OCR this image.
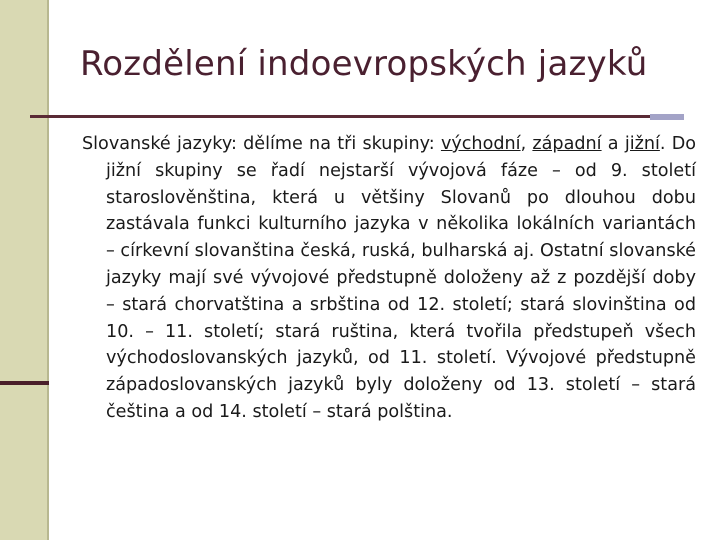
Rozdělení indoevropských jazyků

Slovanské jazyky: dělíme na tři skupiny: východní, západní a jižní. Do jižní skupiny se řadí nejstarší vývojová fáze – od 9. století staroslověnština, která u většiny Slovanů po dlouhou dobu zastávala funkci kulturního jazyka v několika lokálních variantách – církevní slovanština česká, ruská, bulharská aj. Ostatní slovanské jazyky mají své vývojové předstupně doloženy až z pozdější doby – stará chorvatština a srbština od 12. století; stará slovinština od 10. – 11. století; stará ruština, která tvořila předstupeň všech východoslovanských jazyků, od 11. století. Vývojové předstupně západoslovanských jazyků byly doloženy od 13. století – stará čeština a od 14. století – stará polština.
